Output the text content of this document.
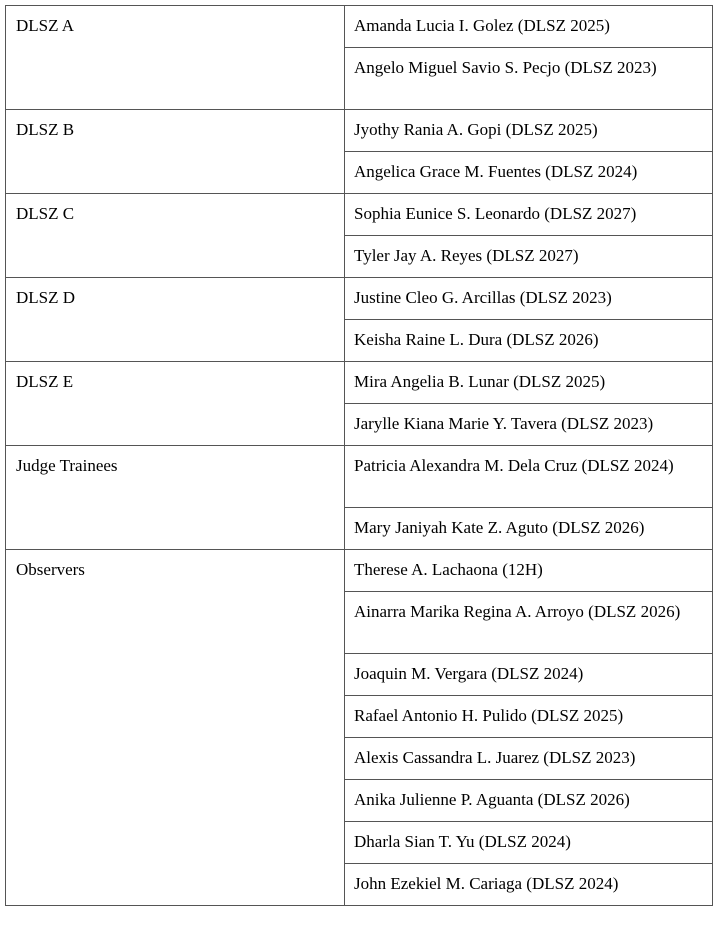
DLSZ A	Amanda Lucia I. Golez (DLSZ 2025)
	Angelo Miguel Savio S. Pecjo (DLSZ 2023)
DLSZ B	Jyothy Rania A. Gopi (DLSZ 2025)
	Angelica Grace M. Fuentes (DLSZ 2024)
DLSZ C	Sophia Eunice S. Leonardo (DLSZ 2027)
	Tyler Jay A. Reyes (DLSZ 2027)
DLSZ D	Justine Cleo G. Arcillas (DLSZ 2023)
	Keisha Raine L. Dura (DLSZ 2026)
DLSZ E	Mira Angelia B. Lunar (DLSZ 2025)
	Jarylle Kiana Marie Y. Tavera (DLSZ 2023)
Judge Trainees	Patricia Alexandra M. Dela Cruz (DLSZ 2024)
	Mary Janiyah Kate Z. Aguto (DLSZ 2026)
Observers	Therese A. Lachaona (12H)
	Ainarra Marika Regina A. Arroyo (DLSZ 2026)
	Joaquin M. Vergara (DLSZ 2024)
	Rafael Antonio H. Pulido (DLSZ 2025)
	Alexis Cassandra L. Juarez (DLSZ 2023)
	Anika Julienne P. Aguanta (DLSZ 2026)
	Dharla Sian T. Yu (DLSZ 2024)
	John Ezekiel M. Cariaga (DLSZ 2024)
